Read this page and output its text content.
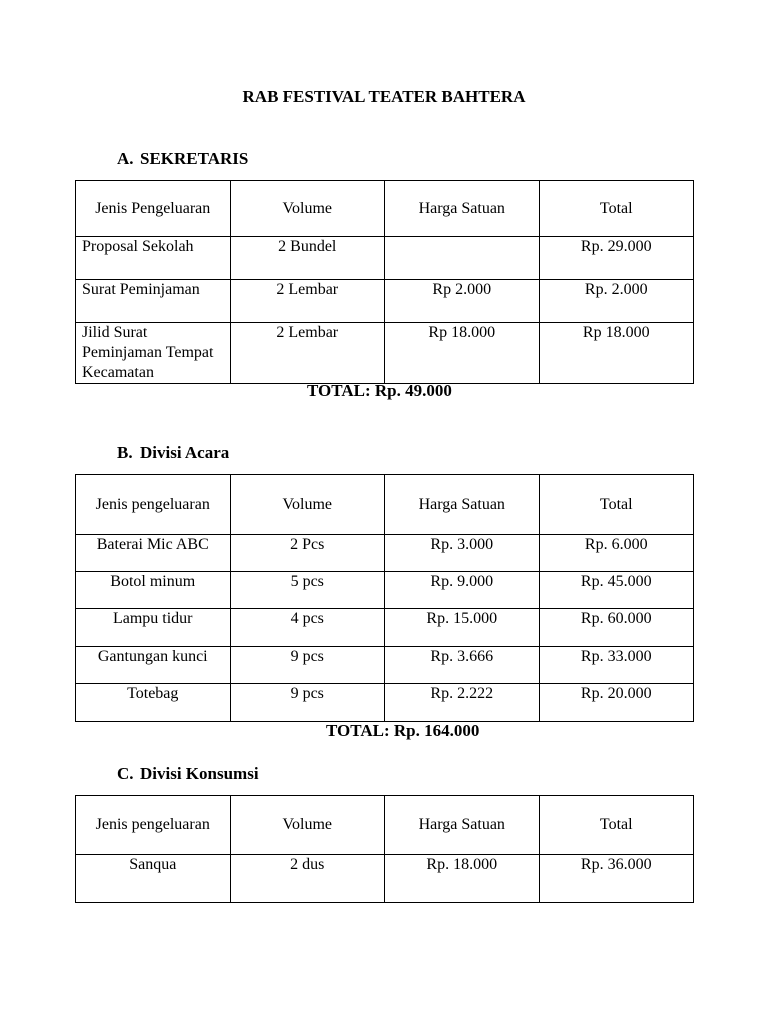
RAB FESTIVAL TEATER BAHTERA
A. SEKRETARIS
Jenis Pengeluaran	Volume	Harga Satuan	Total
Proposal Sekolah	2 Bundel		Rp. 29.000
Surat Peminjaman	2 Lembar	Rp 2.000	Rp. 2.000
Jilid Surat Peminjaman Tempat Kecamatan	2 Lembar	Rp 18.000	Rp 18.000
TOTAL: Rp. 49.000
B. Divisi Acara
Jenis pengeluaran	Volume	Harga Satuan	Total
Baterai Mic ABC	2 Pcs	Rp. 3.000	Rp. 6.000
Botol minum	5 pcs	Rp. 9.000	Rp. 45.000
Lampu tidur	4 pcs	Rp. 15.000	Rp. 60.000
Gantungan kunci	9 pcs	Rp. 3.666	Rp. 33.000
Totebag	9 pcs	Rp. 2.222	Rp. 20.000
TOTAL: Rp. 164.000
C. Divisi Konsumsi
Jenis pengeluaran	Volume	Harga Satuan	Total
Sanqua	2 dus	Rp. 18.000	Rp. 36.000
